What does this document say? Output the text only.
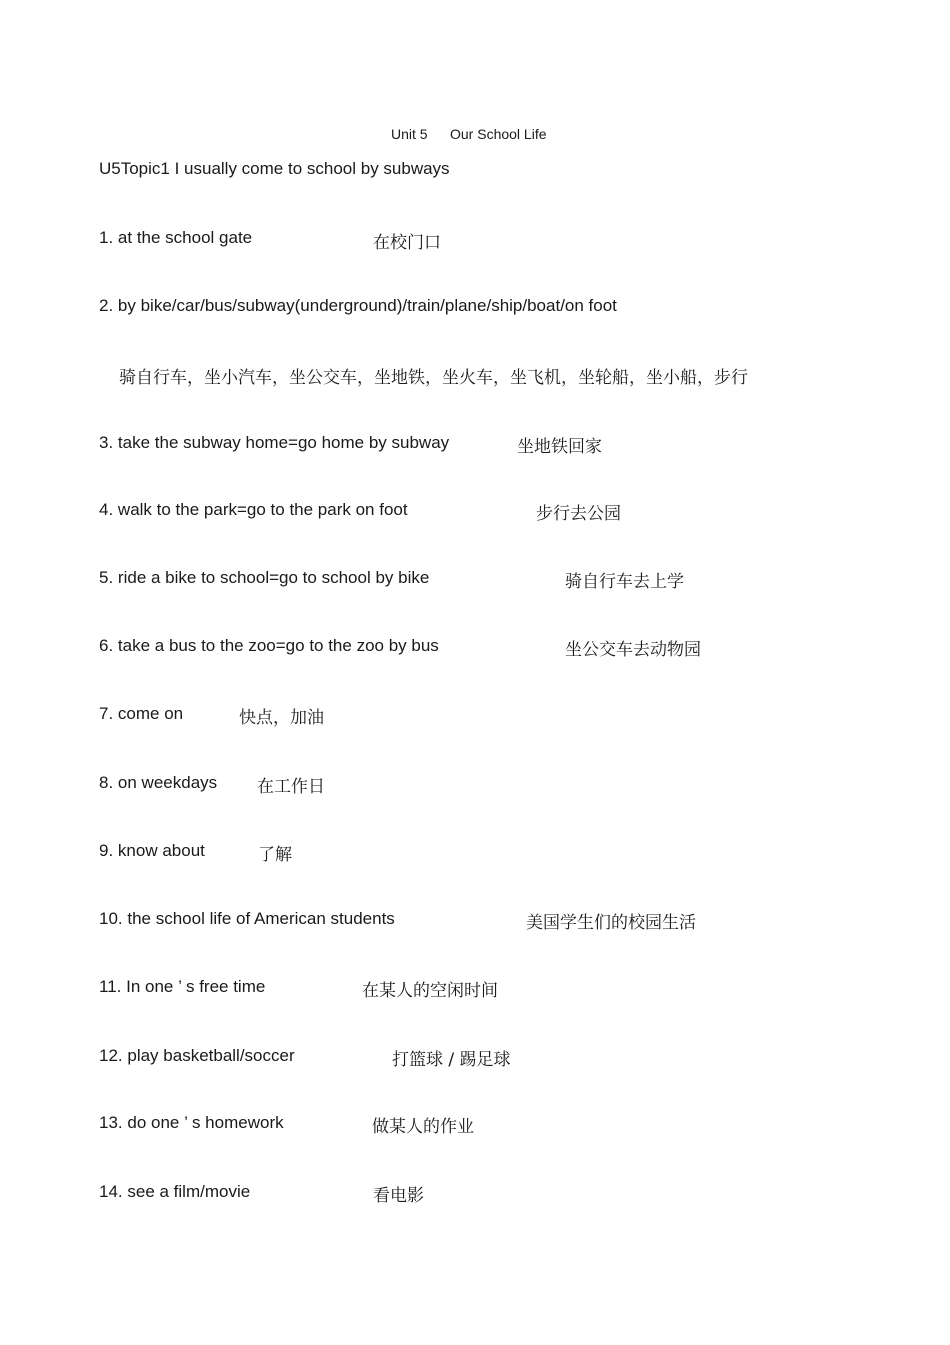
Unit 5 Our School Life
U5Topic1 I usually come to school by subways
1. at the school gate	在校门口
2. by bike/car/bus/subway(underground)/train/plane/ship/boat/on foot
骑自行车，坐小汽车，坐公交车，坐地铁，坐火车，坐飞机，坐轮船，坐小船，步行
3. take the subway home=go home by subway	坐地铁回家
4. walk to the park=go to the park on foot	步行去公园
5. ride a bike to school=go to school by bike	骑自行车去上学
6. take a bus to the zoo=go to the zoo by bus	坐公交车去动物园
7. come on	快点，加油
8. on weekdays 在工作日
9. know about	了解
10. the school life of American students	美国学生们的校园生活
11. In one ’ s free time	在某人的空闲时间
12. play basketball/soccer	打篮球 / 踢足球
13. do one ’ s homework	做某人的作业
14. see a film/movie	看电影
